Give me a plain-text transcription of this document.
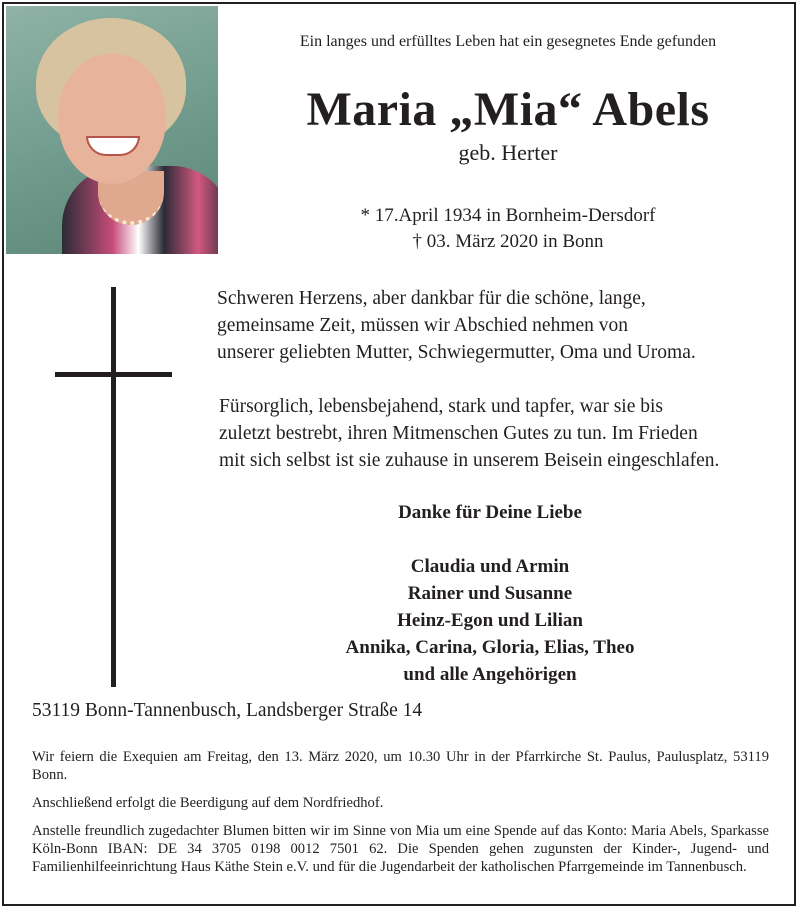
Ein langes und erfülltes Leben hat ein gesegnetes Ende gefunden
Maria „Mia“ Abels
geb. Herter
* 17.April 1934 in Bornheim-Dersdorf
† 03. März 2020 in Bonn
Schweren Herzens, aber dankbar für die schöne, lange,
gemeinsame Zeit, müssen wir Abschied nehmen von
unserer geliebten Mutter, Schwiegermutter, Oma und Uroma.
Fürsorglich, lebensbejahend, stark und tapfer, war sie bis
zuletzt bestrebt, ihren Mitmenschen Gutes zu tun. Im Frieden
mit sich selbst ist sie zuhause in unserem Beisein eingeschlafen.
Danke für Deine Liebe
Claudia und Armin
Rainer und Susanne
Heinz-Egon und Lilian
Annika, Carina, Gloria, Elias, Theo
und alle Angehörigen
53119 Bonn-Tannenbusch, Landsberger Straße 14
Wir feiern die Exequien am Freitag, den 13. März 2020, um 10.30 Uhr in der Pfarrkirche St. Paulus, Paulusplatz, 53119 Bonn.
Anschließend erfolgt die Beerdigung auf dem Nordfriedhof.
Anstelle freundlich zugedachter Blumen bitten wir im Sinne von Mia um eine Spende auf das Konto: Maria Abels, Sparkasse Köln-Bonn IBAN: DE 34 3705 0198 0012 7501 62. Die Spenden gehen zugunsten der Kinder-, Jugend- und Familienhilfeeinrichtung Haus Käthe Stein e.V. und für die Jugendarbeit der katholischen Pfarrgemeinde im Tannenbusch.
